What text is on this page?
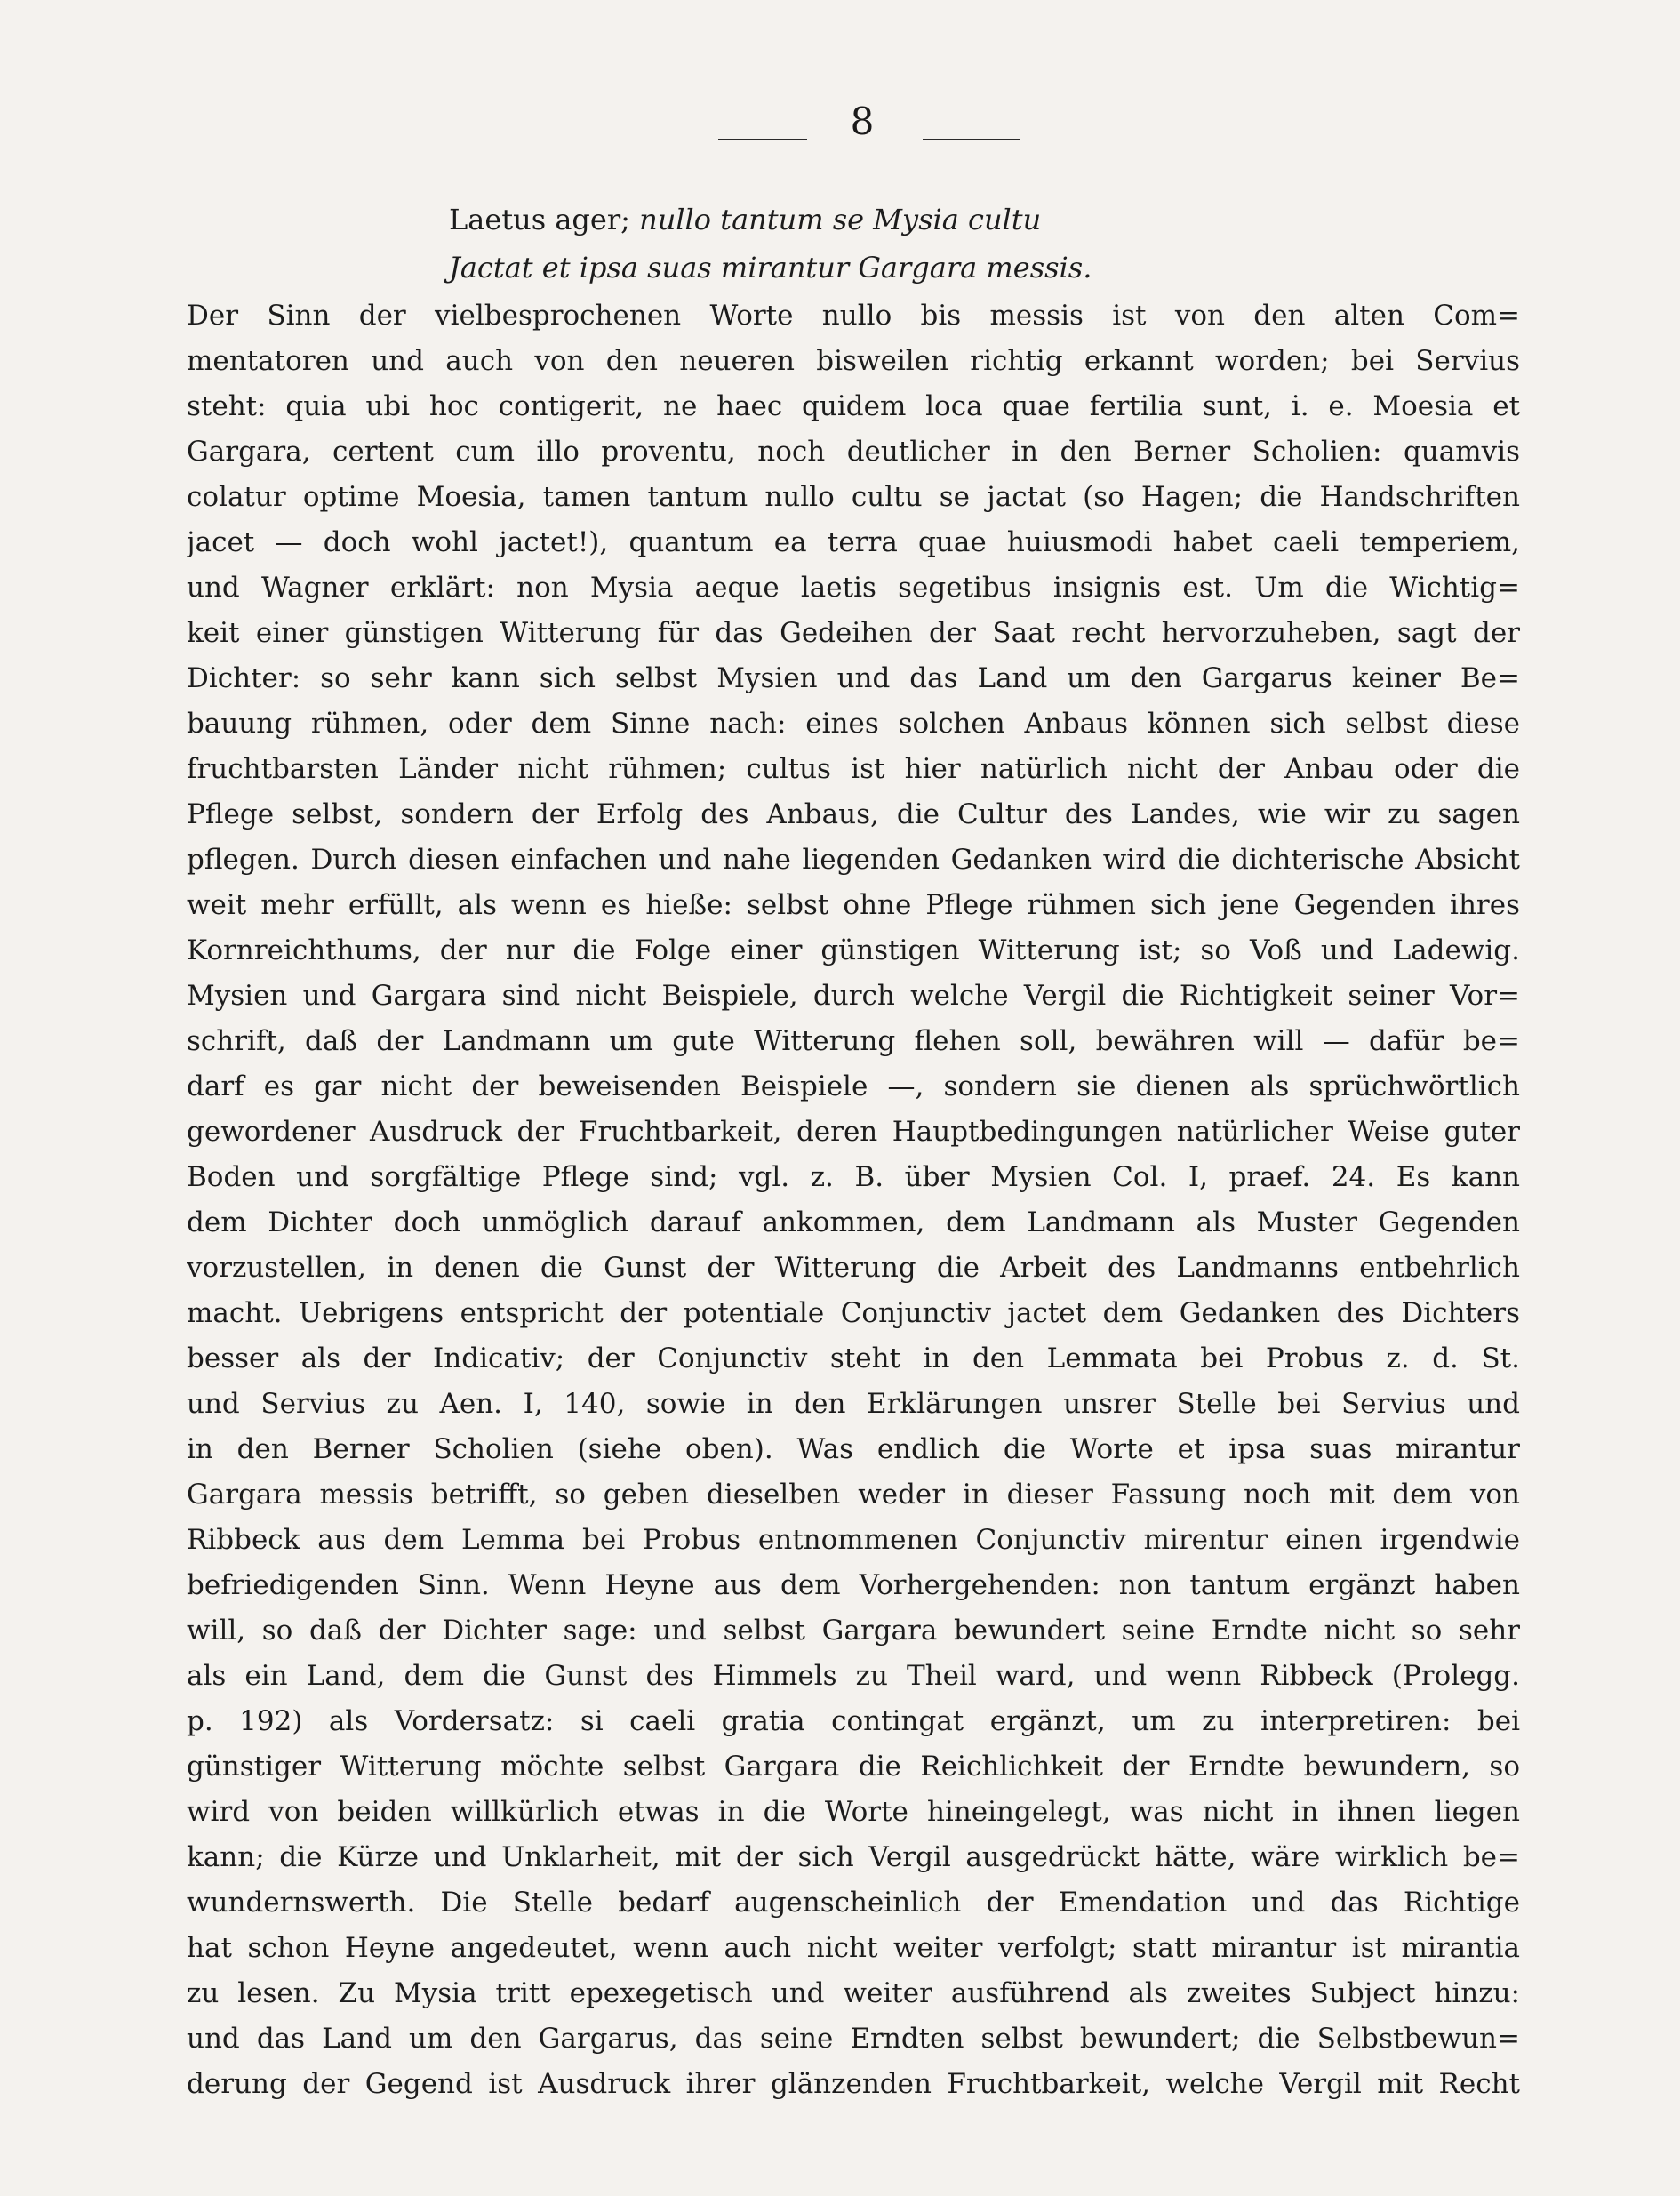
8
Laetus ager; nullo tantum se Mysia cultu
Jactat et ipsa suas mirantur Gargara messis.
Der Sinn der vielbesprochenen Worte nullo bis messis ist von den alten Com=
mentatoren und auch von den neueren bisweilen richtig erkannt worden; bei Servius
steht: quia ubi hoc contigerit, ne haec quidem loca quae fertilia sunt, i. e. Moesia et
Gargara, certent cum illo proventu, noch deutlicher in den Berner Scholien: quamvis
colatur optime Moesia, tamen tantum nullo cultu se jactat (so Hagen; die Handschriften
jacet — doch wohl jactet!), quantum ea terra quae huiusmodi habet caeli temperiem,
und Wagner erklärt: non Mysia aeque laetis segetibus insignis est. Um die Wichtig=
keit einer günstigen Witterung für das Gedeihen der Saat recht hervorzuheben, sagt der
Dichter: so sehr kann sich selbst Mysien und das Land um den Gargarus keiner Be=
bauung rühmen, oder dem Sinne nach: eines solchen Anbaus können sich selbst diese
fruchtbarsten Länder nicht rühmen; cultus ist hier natürlich nicht der Anbau oder die
Pflege selbst, sondern der Erfolg des Anbaus, die Cultur des Landes, wie wir zu sagen
pflegen. Durch diesen einfachen und nahe liegenden Gedanken wird die dichterische Absicht
weit mehr erfüllt, als wenn es hieße: selbst ohne Pflege rühmen sich jene Gegenden ihres
Kornreichthums, der nur die Folge einer günstigen Witterung ist; so Voß und Ladewig.
Mysien und Gargara sind nicht Beispiele, durch welche Vergil die Richtigkeit seiner Vor=
schrift, daß der Landmann um gute Witterung flehen soll, bewähren will — dafür be=
darf es gar nicht der beweisenden Beispiele —, sondern sie dienen als sprüchwörtlich
gewordener Ausdruck der Fruchtbarkeit, deren Hauptbedingungen natürlicher Weise guter
Boden und sorgfältige Pflege sind; vgl. z. B. über Mysien Col. I, praef. 24. Es kann
dem Dichter doch unmöglich darauf ankommen, dem Landmann als Muster Gegenden
vorzustellen, in denen die Gunst der Witterung die Arbeit des Landmanns entbehrlich
macht. Uebrigens entspricht der potentiale Conjunctiv jactet dem Gedanken des Dichters
besser als der Indicativ; der Conjunctiv steht in den Lemmata bei Probus z. d. St.
und Servius zu Aen. I, 140, sowie in den Erklärungen unsrer Stelle bei Servius und
in den Berner Scholien (siehe oben). Was endlich die Worte et ipsa suas mirantur
Gargara messis betrifft, so geben dieselben weder in dieser Fassung noch mit dem von
Ribbeck aus dem Lemma bei Probus entnommenen Conjunctiv mirentur einen irgendwie
befriedigenden Sinn. Wenn Heyne aus dem Vorhergehenden: non tantum ergänzt haben
will, so daß der Dichter sage: und selbst Gargara bewundert seine Erndte nicht so sehr
als ein Land, dem die Gunst des Himmels zu Theil ward, und wenn Ribbeck (Prolegg.
p. 192) als Vordersatz: si caeli gratia contingat ergänzt, um zu interpretiren: bei
günstiger Witterung möchte selbst Gargara die Reichlichkeit der Erndte bewundern, so
wird von beiden willkürlich etwas in die Worte hineingelegt, was nicht in ihnen liegen
kann; die Kürze und Unklarheit, mit der sich Vergil ausgedrückt hätte, wäre wirklich be=
wundernswerth. Die Stelle bedarf augenscheinlich der Emendation und das Richtige
hat schon Heyne angedeutet, wenn auch nicht weiter verfolgt; statt mirantur ist mirantia
zu lesen. Zu Mysia tritt epexegetisch und weiter ausführend als zweites Subject hinzu:
und das Land um den Gargarus, das seine Erndten selbst bewundert; die Selbstbewun=
derung der Gegend ist Ausdruck ihrer glänzenden Fruchtbarkeit, welche Vergil mit Recht
